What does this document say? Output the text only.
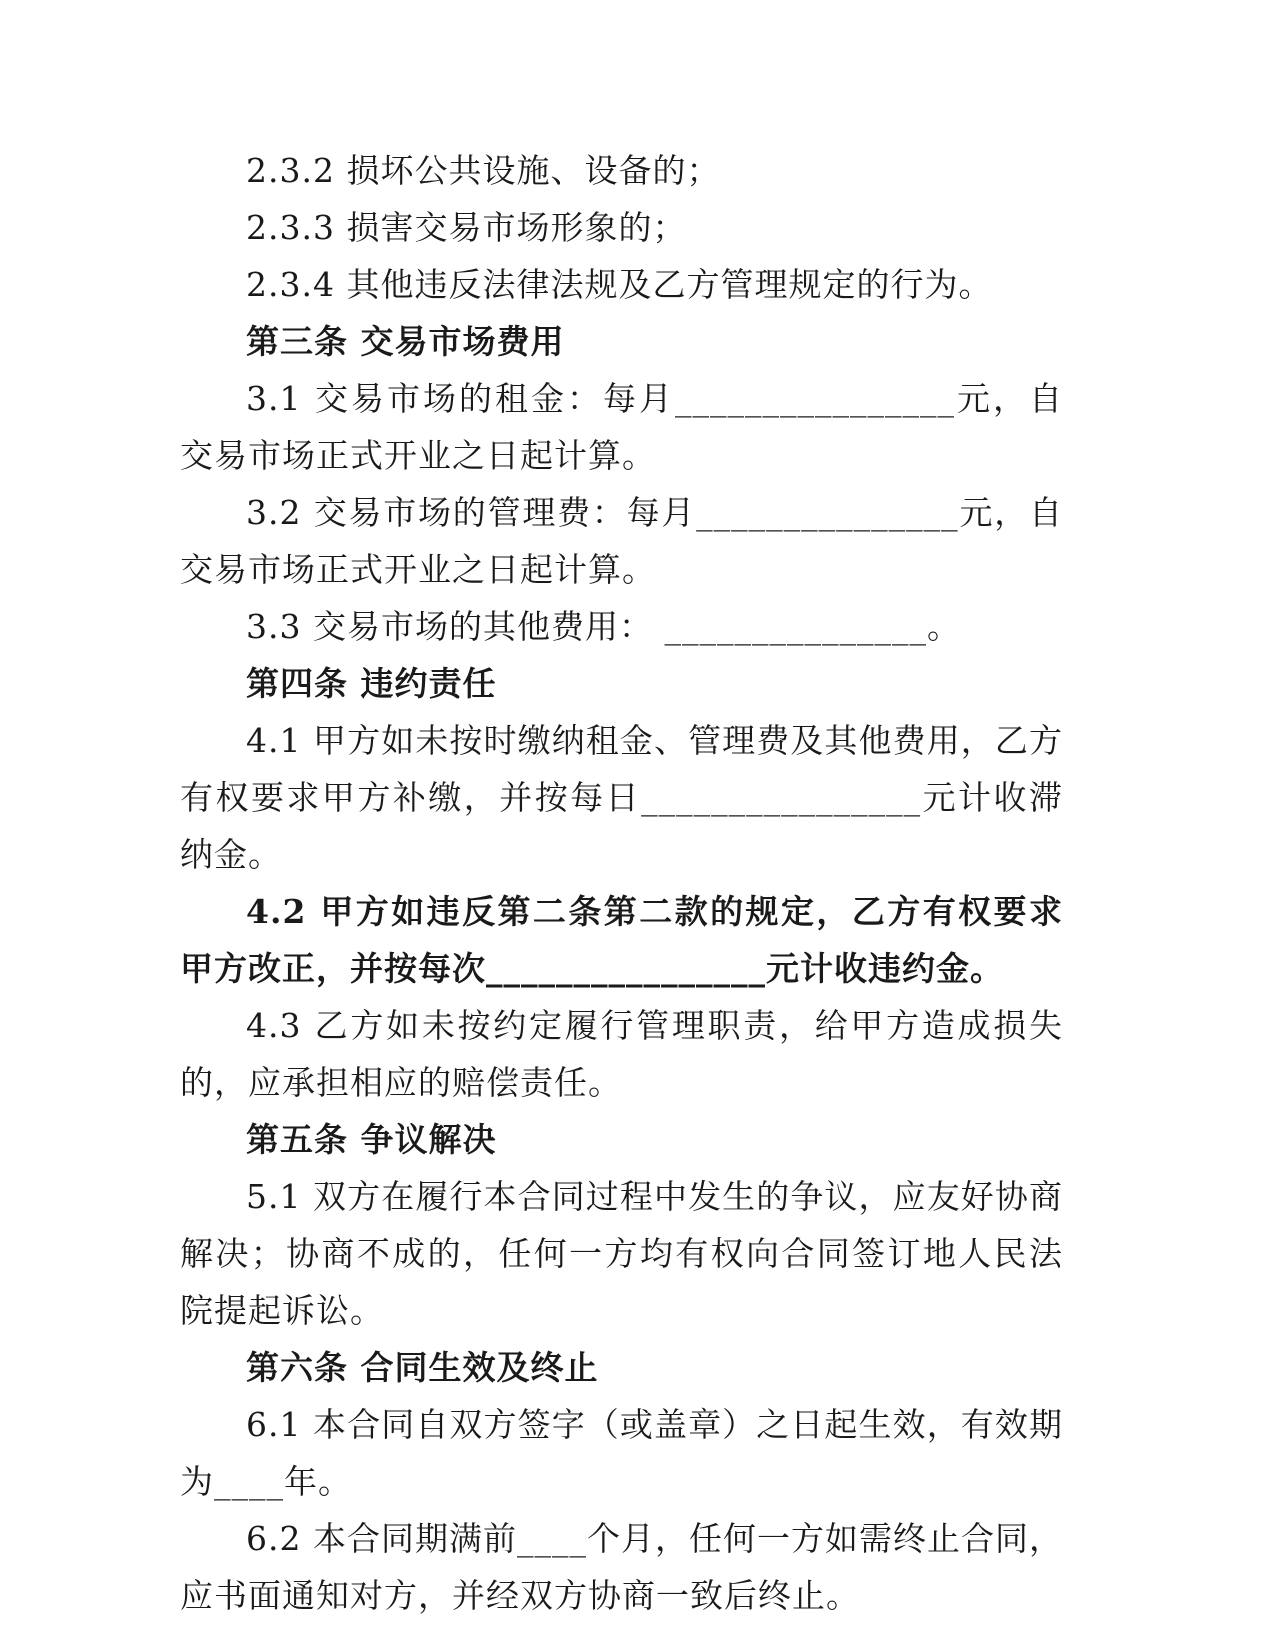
2.3.2 损坏公共设施、设备的；

2.3.3 损害交易市场形象的；

2.3.4 其他违反法律法规及乙方管理规定的行为。

第三条 交易市场费用

3.1 交易市场的租金：每月________________元，自交易市场正式开业之日起计算。

3.2 交易市场的管理费：每月_______________元，自交易市场正式开业之日起计算。

3.3 交易市场的其他费用： _______________。

第四条 违约责任

4.1 甲方如未按时缴纳租金、管理费及其他费用，乙方有权要求甲方补缴，并按每日________________元计收滞纳金。

4.2 甲方如违反第二条第二款的规定，乙方有权要求甲方改正，并按每次________________元计收违约金。

4.3 乙方如未按约定履行管理职责，给甲方造成损失的，应承担相应的赔偿责任。

第五条 争议解决

5.1 双方在履行本合同过程中发生的争议，应友好协商解决；协商不成的，任何一方均有权向合同签订地人民法院提起诉讼。

第六条 合同生效及终止

6.1 本合同自双方签字（或盖章）之日起生效，有效期为____年。

6.2 本合同期满前____个月，任何一方如需终止合同，应书面通知对方，并经双方协商一致后终止。
